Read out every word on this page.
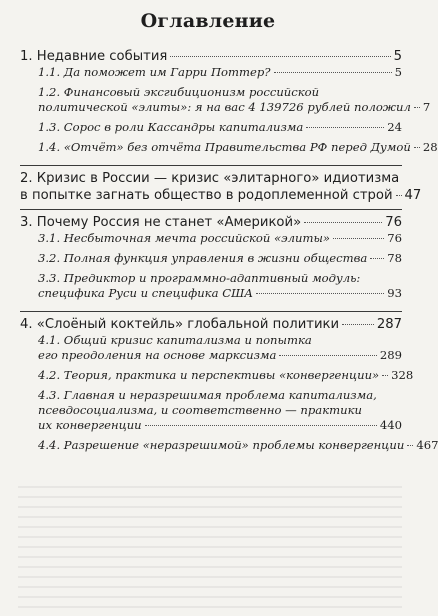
Оглавление
1. Недавние события	5
1.1. Да поможет им Гарри Поттер?	5
1.2. Финансовый эксгибиционизм российской
политической «элиты»: я на вас 4 139726 рублей положил 7
1.3. Сорос в роли Кассандры капитализма	24
1.4. «Отчёт» без отчёта Правительства РФ перед Думой 28
2. Кризис в России — кризис «элитарного» идиотизма
в попытке загнать общество в родоплеменной строй 47
3. Почему Россия не станет «Америкой»	76
3.1. Несбыточная мечта российской «элиты»	76
3.2. Полная функция управления в жизни общества 78
3.3. Предиктор и программно-адаптивный модуль:
специфика Руси и специфика США	93
4. «Слоёный коктейль» глобальной политики	287
4.1. Общий кризис капитализма и попытка
его преодоления на основе марксизма	289
4.2. Теория, практика и перспективы «конвергенции» 328
4.3. Главная и неразрешимая проблема капитализма,
псевдосоциализма, и соответственно — практики
их конвергенции	440
4.4. Разрешение «неразрешимой» проблемы конвергенции 467
